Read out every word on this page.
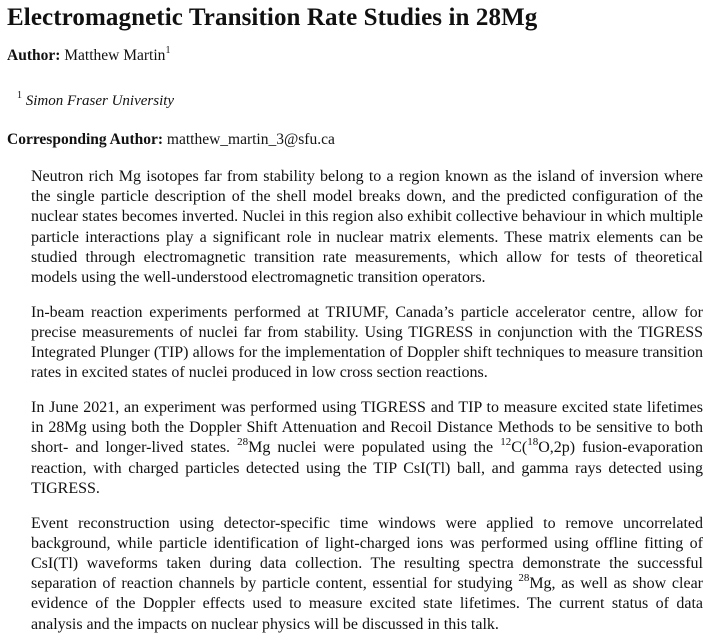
Electromagnetic Transition Rate Studies in 28Mg
Author: Matthew Martin$^1$
$^1$ Simon Fraser University
Corresponding Author: matthew_martin_3@sfu.ca

Neutron rich Mg isotopes far from stability belong to a region known as the island of inversion where the single particle description of the shell model breaks down, and the predicted configuration of the nuclear states becomes inverted. Nuclei in this region also exhibit collective behaviour in which multiple particle interactions play a significant role in nuclear matrix elements. These matrix elements can be studied through electromagnetic transition rate measurements, which allow for tests of theoretical models using the well-understood electromagnetic transition operators.

In-beam reaction experiments performed at TRIUMF, Canada’s particle accelerator centre, allow for precise measurements of nuclei far from stability. Using TIGRESS in conjunction with the TIGRESS Integrated Plunger (TIP) allows for the implementation of Doppler shift techniques to measure transition rates in excited states of nuclei produced in low cross section reactions.

In June 2021, an experiment was performed using TIGRESS and TIP to measure excited state lifetimes in 28Mg using both the Doppler Shift Attenuation and Recoil Distance Methods to be sensitive to both short- and longer-lived states. $^{28}$Mg nuclei were populated using the $^{12}$C($^{18}$O,2p) fusion-evaporation reaction, with charged particles detected using the TIP CsI(Tl) ball, and gamma rays detected using TIGRESS.

Event reconstruction using detector-specific time windows were applied to remove uncorrelated background, while particle identification of light-charged ions was performed using offline fitting of CsI(Tl) waveforms taken during data collection. The resulting spectra demonstrate the successful separation of reaction channels by particle content, essential for studying $^{28}$Mg, as well as show clear evidence of the Doppler effects used to measure excited state lifetimes. The current status of data analysis and the impacts on nuclear physics will be discussed in this talk.
